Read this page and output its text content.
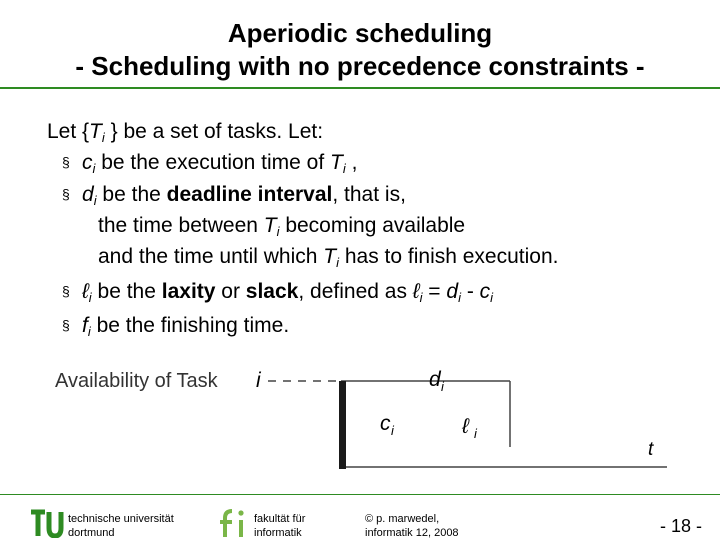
Aperiodic scheduling
- Scheduling with no precedence constraints -
Let {$T_i$ } be a set of tasks. Let:
§ $c_i$ be the execution time of $T_i$ ,
§ $d_i$ be the deadline interval, that is,
the time between $T_i$ becoming available
and the time until which $T_i$ has to finish execution.
§ ℓ$_i$ be the laxity or slack, defined as ℓ$_i$ = $d_i - c_i$
§ $f_i$ be the finishing time.
Availability of Task i	d i
c i	ℓ i
t
technische universität
dortmund
fakultät für
informatik
© p. marwedel,
informatik 12, 2008	- 18 -
